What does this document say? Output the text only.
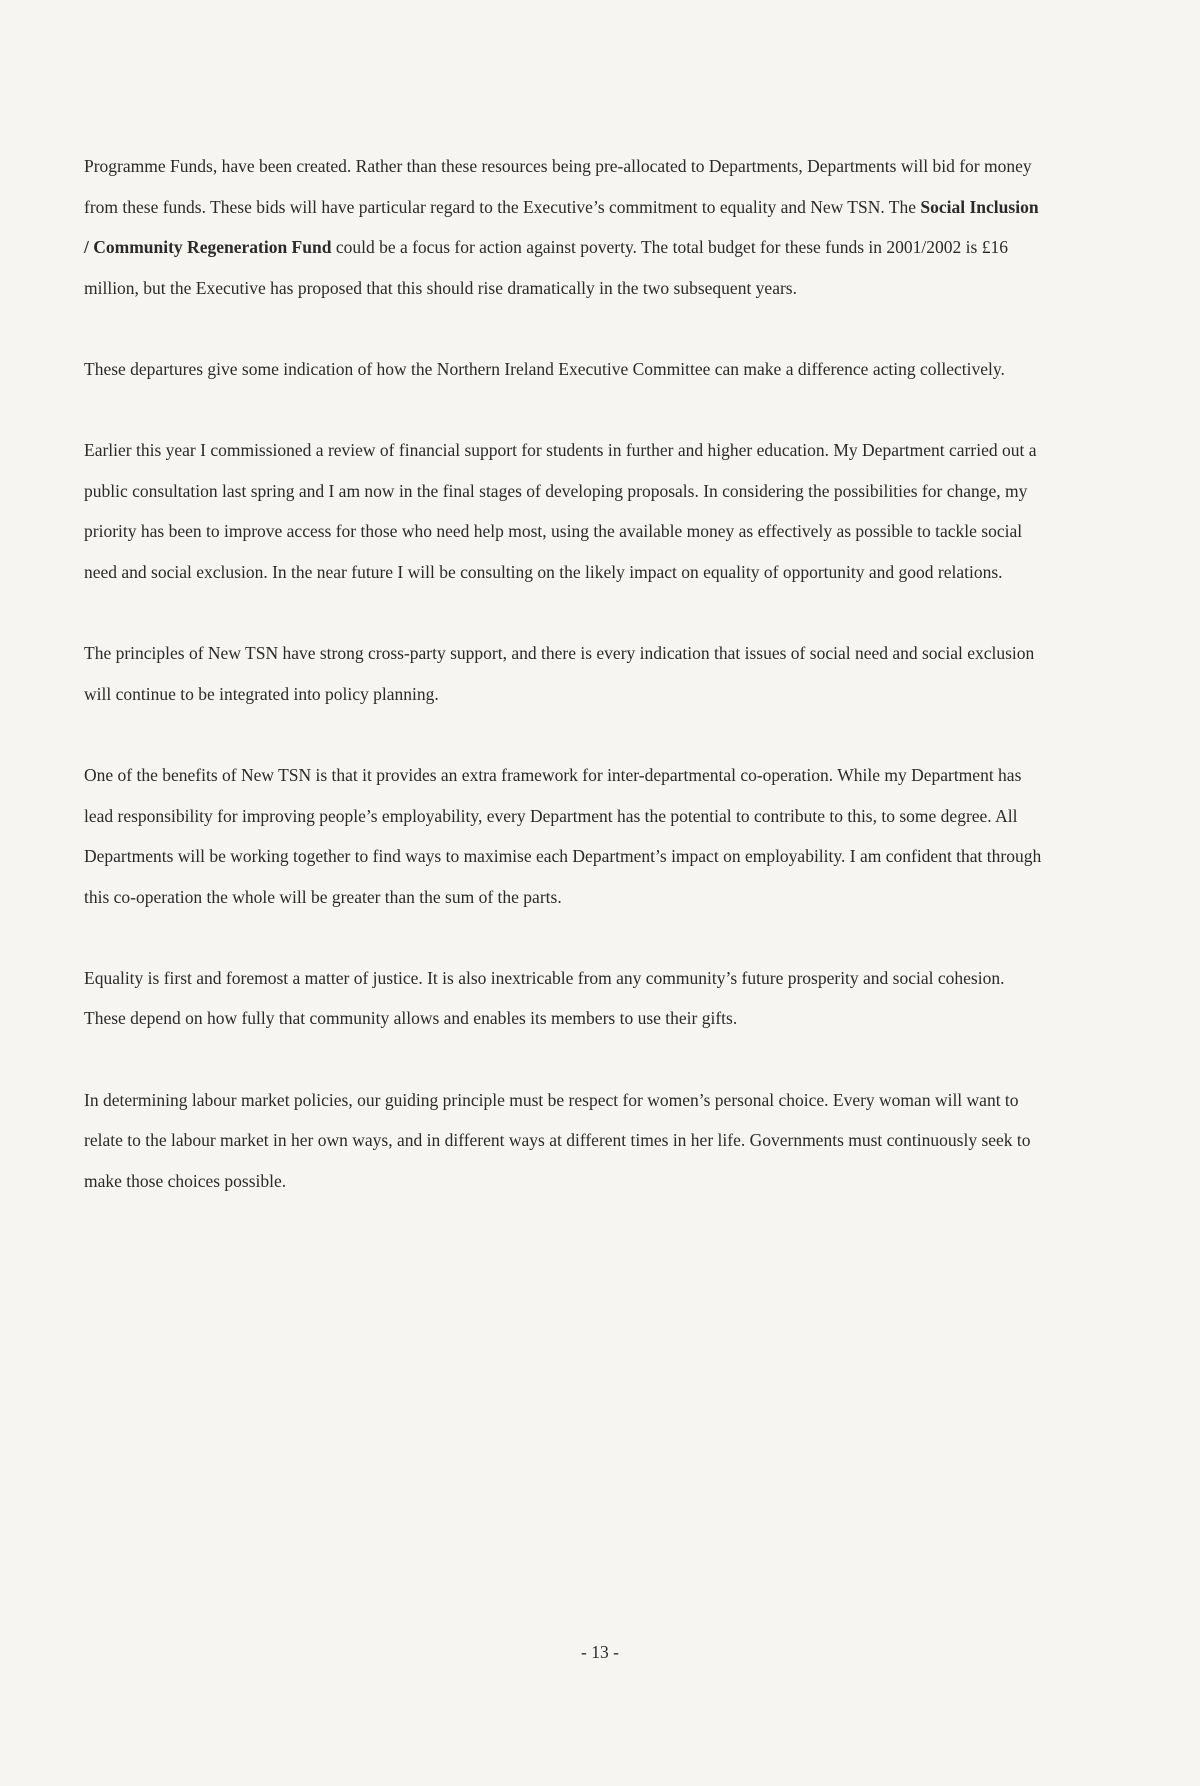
Programme Funds, have been created. Rather than these resources being pre-allocated to Departments, Departments will bid for money from these funds. These bids will have particular regard to the Executive’s commitment to equality and New TSN. The Social Inclusion / Community Regeneration Fund could be a focus for action against poverty. The total budget for these funds in 2001/2002 is £16 million, but the Executive has proposed that this should rise dramatically in the two subsequent years.

These departures give some indication of how the Northern Ireland Executive Committee can make a difference acting collectively.

Earlier this year I commissioned a review of financial support for students in further and higher education. My Department carried out a public consultation last spring and I am now in the final stages of developing proposals. In considering the possibilities for change, my priority has been to improve access for those who need help most, using the available money as effectively as possible to tackle social need and social exclusion. In the near future I will be consulting on the likely impact on equality of opportunity and good relations.

The principles of New TSN have strong cross-party support, and there is every indication that issues of social need and social exclusion will continue to be integrated into policy planning.

One of the benefits of New TSN is that it provides an extra framework for inter-departmental co-operation. While my Department has lead responsibility for improving people’s employability, every Department has the potential to contribute to this, to some degree. All Departments will be working together to find ways to maximise each Department’s impact on employability. I am confident that through this co-operation the whole will be greater than the sum of the parts.

Equality is first and foremost a matter of justice. It is also inextricable from any community’s future prosperity and social cohesion. These depend on how fully that community allows and enables its members to use their gifts.

In determining labour market policies, our guiding principle must be respect for women’s personal choice. Every woman will want to relate to the labour market in her own ways, and in different ways at different times in her life. Governments must continuously seek to make those choices possible.

- 13 -
